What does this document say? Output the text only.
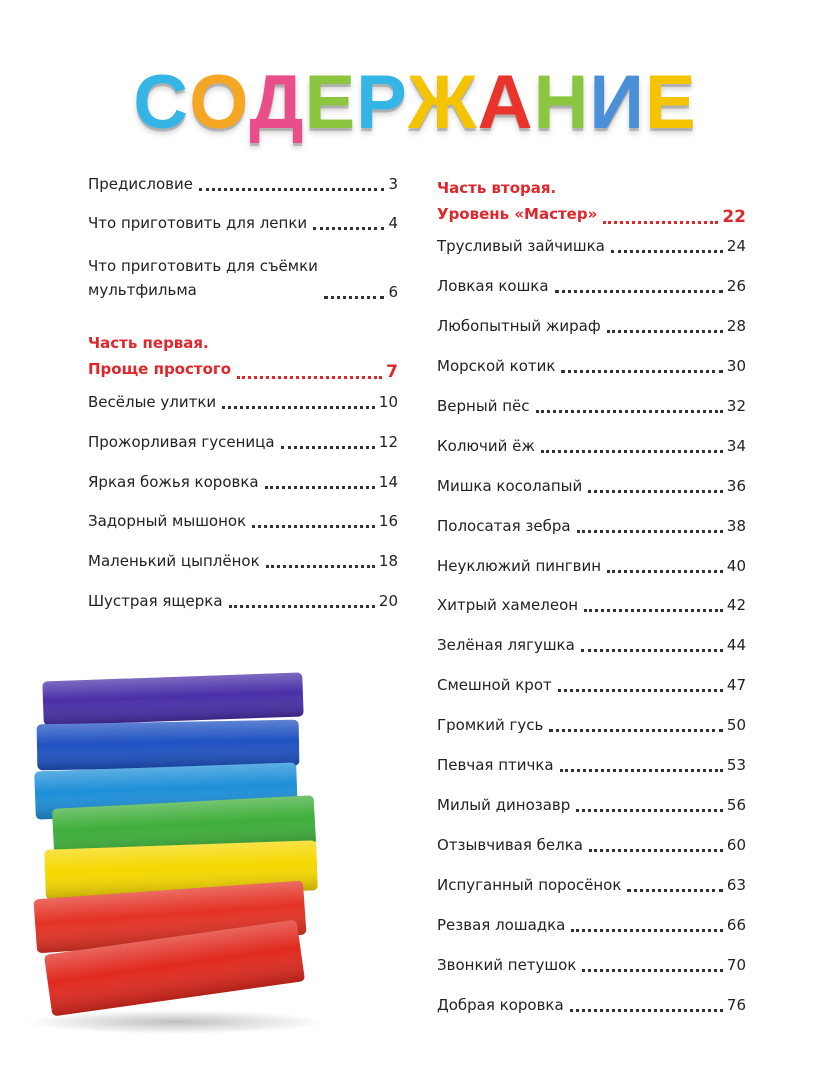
СОДЕРЖАНИЕ
Предисловие	3
Что приготовить для лепки	4
Что приготовить для съёмки
мультфильма	6
Часть первая.
Проще простого	7
Весёлые улитки	10
Прожорливая гусеница	12
Яркая божья коровка	14
Задорный мышонок	16
Маленький цыплёнок	18
Шустрая ящерка	20
Часть вторая.
Уровень «Мастер»	22
Трусливый зайчишка	24
Ловкая кошка	26
Любопытный жираф	28
Морской котик	30
Верный пёс	32
Колючий ёж	34
Мишка косолапый	36
Полосатая зебра	38
Неуклюжий пингвин	40
Хитрый хамелеон	42
Зелёная лягушка	44
Смешной крот	47
Громкий гусь	50
Певчая птичка	53
Милый динозавр	56
Отзывчивая белка	60
Испуганный поросёнок	63
Резвая лошадка	66
Звонкий петушок	70
Добрая коровка	76
